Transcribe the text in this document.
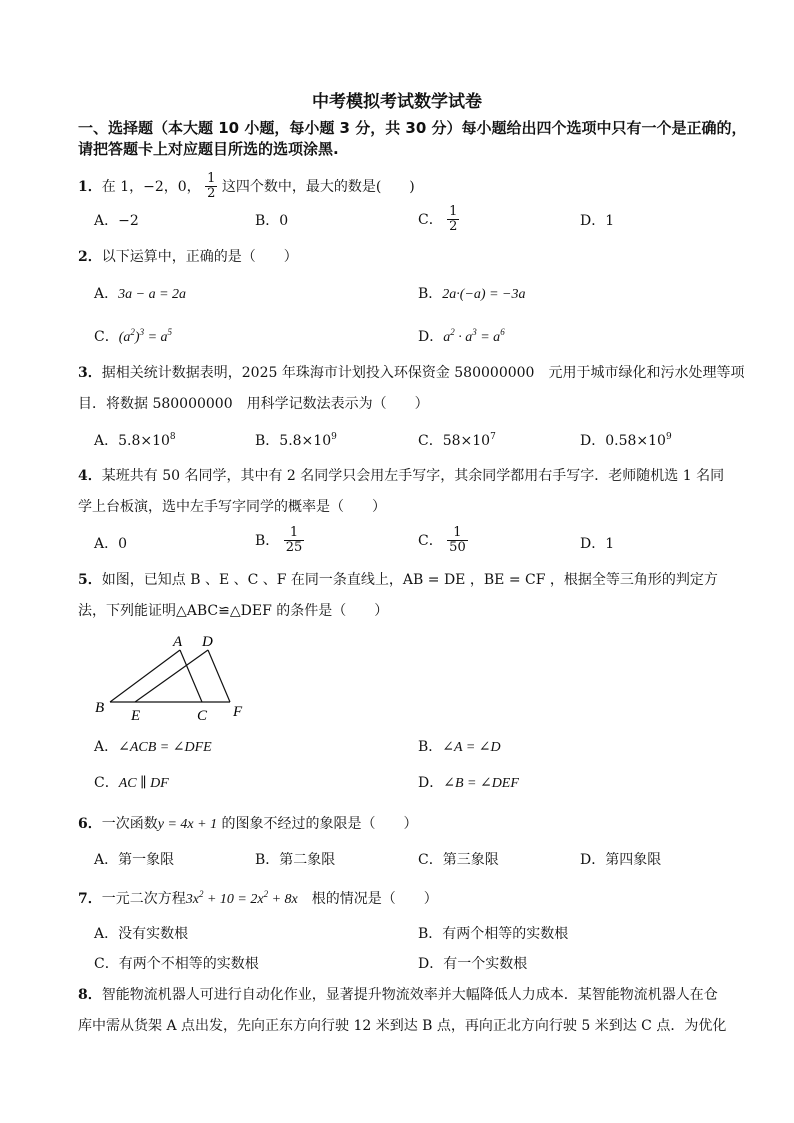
中考模拟考试数学试卷
一、选择题（本大题 10 小题，每小题 3 分，共 30 分）每小题给出四个选项中只有一个是正确的，
请把答题卡上对应题目所选的选项涂黑.
1．在 1，−2，0， $\frac{1}{2}$ 这四个数中，最大的数是(　　)
A．−2	B．0	C． $\frac{1}{2}$	D．1
2．以下运算中，正确的是（　　）
A．3a − a = 2a	B．2a·(−a) = −3a
C．$(a^2)^3 = a^5$	D．$a^2 \cdot a^3 = a^6$
3．据相关统计数据表明，2025 年珠海市计划投入环保资金 580000000　元用于城市绿化和污水处理等项
目．将数据 580000000　用科学记数法表示为（　　）
A．$5.8\times 10^8$	B．$5.8\times 10^9$	C．$58\times 10^7$	D．$0.58\times 10^9$
4．某班共有 50 名同学，其中有 2 名同学只会用左手写字，其余同学都用右手写字．老师随机选 1 名同
学上台板演，选中左手写字同学的概率是（　　）
A．0	B． $\frac{1}{25}$	C． $\frac{1}{50}$	D．1
5．如图，已知点 B 、E 、C 、F 在同一条直线上，AB = DE ，BE = CF ，根据全等三角形的判定方
法，下列能证明△ABC≌△DEF 的条件是（　　）
A D
B E	C F
A．∠ACB = ∠DFE	B．∠A = ∠D
C．AC ∥ DF	D．∠B = ∠DEF
6．一次函数y = 4x + 1 的图象不经过的象限是（　　）
A．第一象限	B．第二象限	C．第三象限	D．第四象限
7．一元二次方程$3x^2 + 10 = 2x^2 + 8x$　根的情况是（　　）
A．没有实数根	B．有两个相等的实数根
C．有两个不相等的实数根	D．有一个实数根
8．智能物流机器人可进行自动化作业，显著提升物流效率并大幅降低人力成本．某智能物流机器人在仓
库中需从货架 A 点出发，先向正东方向行驶 12 米到达 B 点，再向正北方向行驶 5 米到达 C 点．为优化
